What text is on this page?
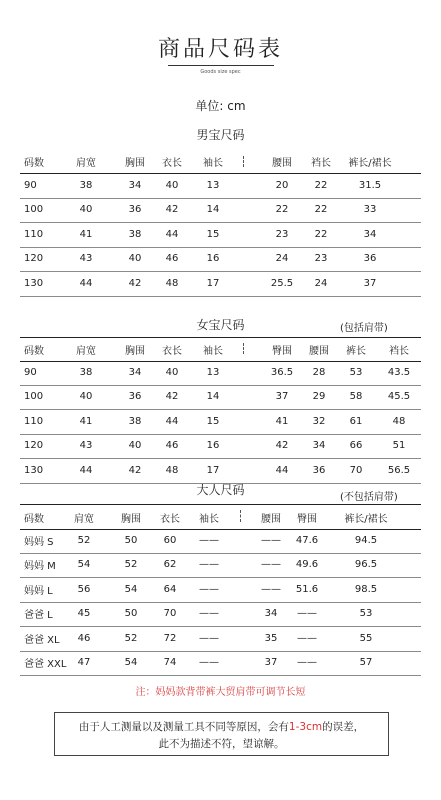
商品尺码表
Goods size spec
单位: cm
男宝尺码
码数	肩宽	胸围	衣长	袖长	腰围	裆长	裤长/裙长
90	38	34	40	13	20	22	31.5
100	40	36	42	14	22	22	33
110	41	38	44	15	23	22	34
120	43	40	46	16	24	23	36
130	44	42	48	17	25.5	24	37
女宝尺码	(包括肩带)
码数	肩宽	胸围	衣长	袖长	臀围	腰围	裤长	裆长
90	38	34	40	13	36.5	28	53	43.5
100	40	36	42	14	37	29	58	45.5
110	41	38	44	15	41	32	61	48
120	43	40	46	16	42	34	66	51
130	44	42	48	17	44	36	70	56.5
大人尺码
(不包括肩带)
码数	肩宽	胸围	衣长	袖长	腰围	臀围	裤长/裙长
妈妈 S	52	50	60	——	——	47.6	94.5
妈妈 M	54	52	62	——	——	49.6	96.5
妈妈 L	56	54	64	——	——	51.6	98.5
爸爸 L	45	50	70	——	34	——	53
爸爸 XL	46	52	72	——	35	——	55
爸爸 XXL	47	54	74	——	37	——	57
注：妈妈款背带裤大贸肩带可调节长短
由于人工测量以及测量工具不同等原因，会有1-3cm的误差，
此不为描述不符，望谅解。
